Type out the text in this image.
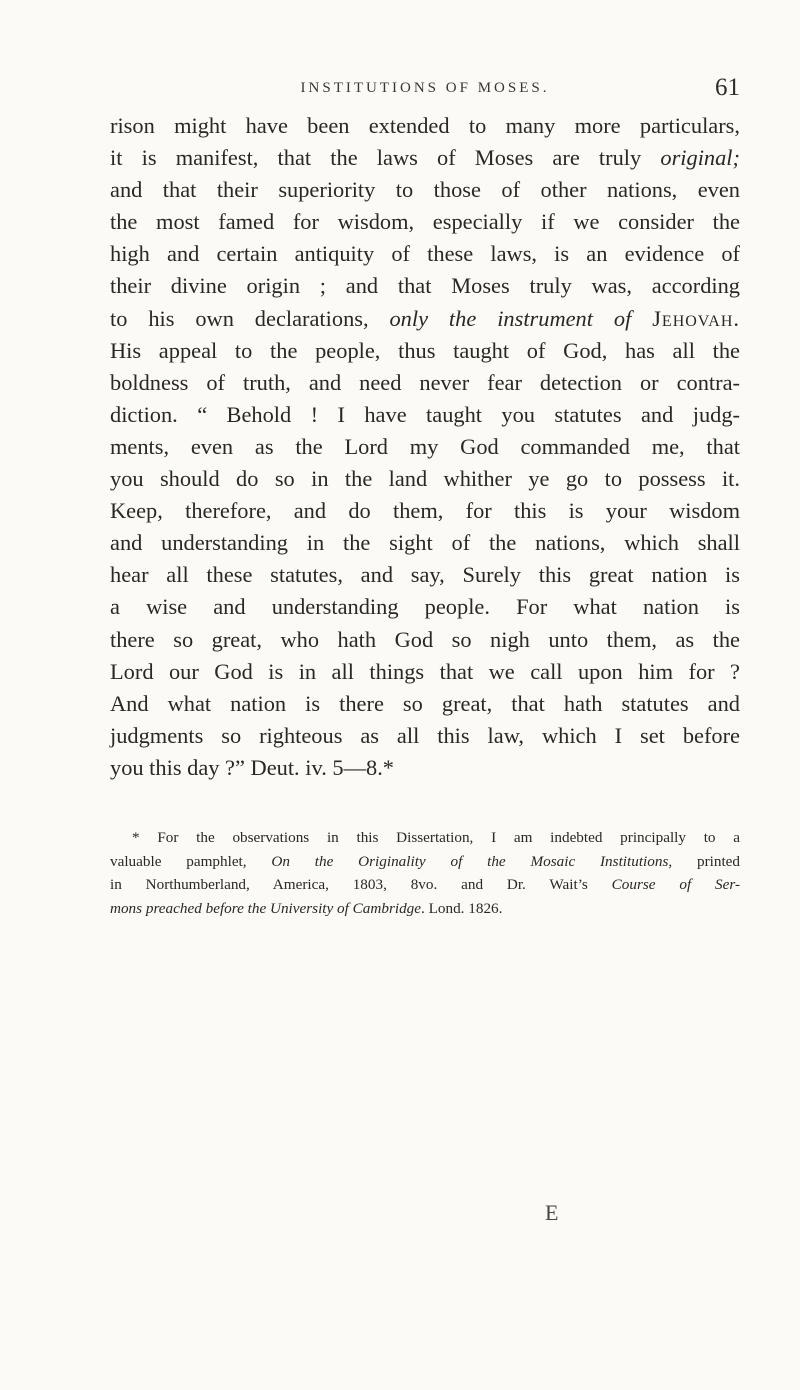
INSTITUTIONS OF MOSES.	61
rison might have been extended to many more particulars,
it is manifest, that the laws of Moses are truly original;
and that their superiority to those of other nations, even
the most famed for wisdom, especially if we consider the
high and certain antiquity of these laws, is an evidence of
their divine origin ; and that Moses truly was, according
to his own declarations, only the instrument of Jehovah.
His appeal to the people, thus taught of God, has all the
boldness of truth, and need never fear detection or contra-
diction. “ Behold ! I have taught you statutes and judg-
ments, even as the Lord my God commanded me, that
you should do so in the land whither ye go to possess it.
Keep, therefore, and do them, for this is your wisdom
and understanding in the sight of the nations, which shall
hear all these statutes, and say, Surely this great nation is
a wise and understanding people. For what nation is
there so great, who hath God so nigh unto them, as the
Lord our God is in all things that we call upon him for ?
And what nation is there so great, that hath statutes and
judgments so righteous as all this law, which I set before
you this day ?” Deut. iv. 5—8.*
* For the observations in this Dissertation, I am indebted principally to a
valuable pamphlet, On the Originality of the Mosaic Institutions, printed
in Northumberland, America, 1803, 8vo. and Dr. Wait’s Course of Ser-
mons preached before the University of Cambridge. Lond. 1826.
E
